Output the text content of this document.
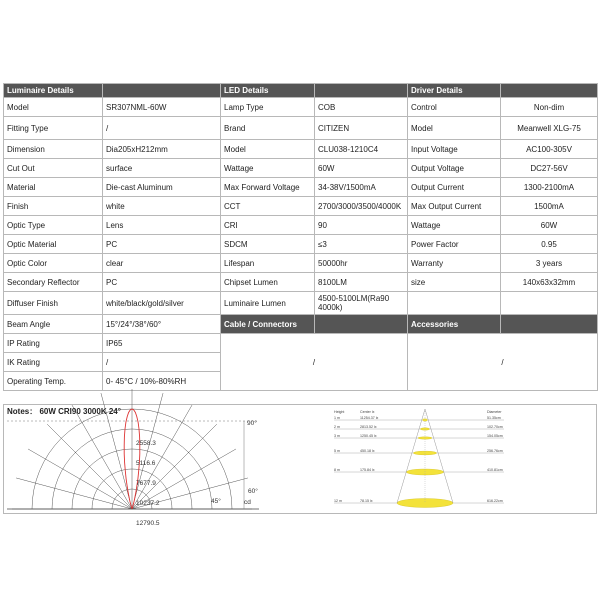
Luminaire Details		LED Details		Driver Details	
Model	SR307NML-60W	Lamp Type	COB	Control	Non-dim
Fitting Type	/	Brand	CITIZEN	Model	Meanwell XLG-75
Dimension	Dia205xH212mm	Model	CLU038-1210C4	Input Voltage	AC100-305V
Cut Out	surface	Wattage	60W	Output Voltage	DC27-56V
Material	Die-cast Aluminum	Max Forward Voltage	34-38V/1500mA	Output Current	1300-2100mA
Finish	white	CCT	2700/3000/3500/4000K	Max Output Current	1500mA
Optic Type	Lens	CRI	90	Wattage	60W
Optic Material	PC	SDCM	≤3	Power Factor	0.95
Optic Color	clear	Lifespan	50000hr	Warranty	3 years
Secondary Reflector	PC	Chipset Lumen	8100LM	size	140x63x32mm
Diffuser Finish	white/black/gold/silver	Luminaire Lumen	4500-5100LM(Ra90 4000k)		
Beam Angle	15°/24°/38°/60°	Cable / Connectors		Accessories	
IP Rating	IP65	/		/	
IK Rating	/				
Operating Temp.	0- 45°C / 10%-80%RH				
Notes： 60W CRI90 3000K 24°
90°
60°
45°	cd
2558.3
5116.6
7677.9
10237.2
12790.5
1 m	11254.37 lx	51.35cm
2 m	2813.52 lx	102.70cm
3 m	1250.45 lx	154.05cm
5 m	450.18 lx	256.76cm
8 m	175.84 lx	410.81cm
12 m	78.15 lx	616.22cm
Height	Center lx	Diameter
